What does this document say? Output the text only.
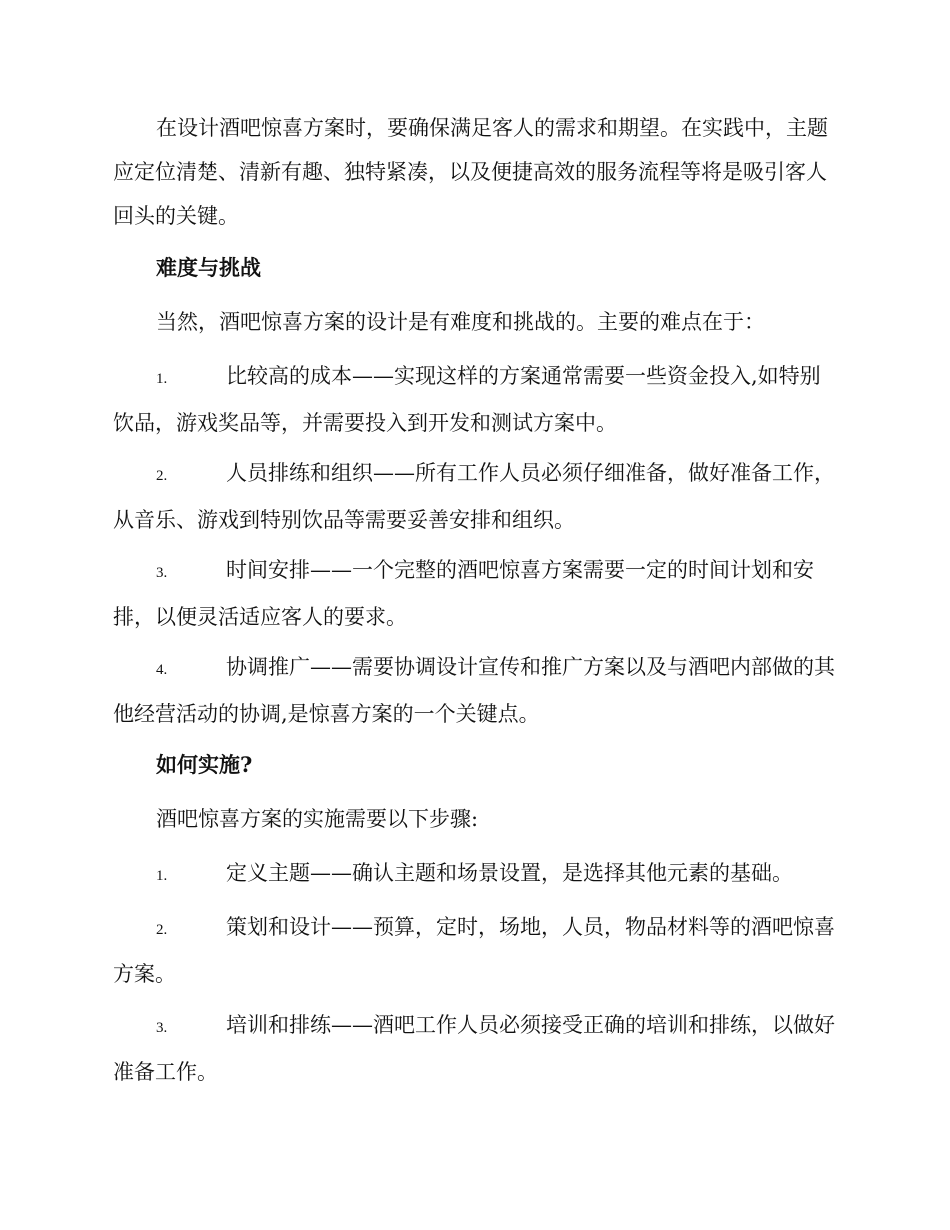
在设计酒吧惊喜方案时，要确保满足客人的需求和期望。在实践中，主题应定位清楚、清新有趣、独特紧凑，以及便捷高效的服务流程等将是吸引客人回头的关键。

难度与挑战

当然，酒吧惊喜方案的设计是有难度和挑战的。主要的难点在于：

1.	比较高的成本——实现这样的方案通常需要一些资金投入,如特别饮品，游戏奖品等，并需要投入到开发和测试方案中。

2.	人员排练和组织——所有工作人员必须仔细准备，做好准备工作，从音乐、游戏到特别饮品等需要妥善安排和组织。

3.	时间安排——一个完整的酒吧惊喜方案需要一定的时间计划和安排，以便灵活适应客人的要求。

4.	协调推广——需要协调设计宣传和推广方案以及与酒吧内部做的其他经营活动的协调,是惊喜方案的一个关键点。

如何实施?

酒吧惊喜方案的实施需要以下步骤:

1.	定义主题——确认主题和场景设置，是选择其他元素的基础。

2.	策划和设计——预算，定时，场地，人员，物品材料等的酒吧惊喜方案。

3.	培训和排练——酒吧工作人员必须接受正确的培训和排练，以做好准备工作。
